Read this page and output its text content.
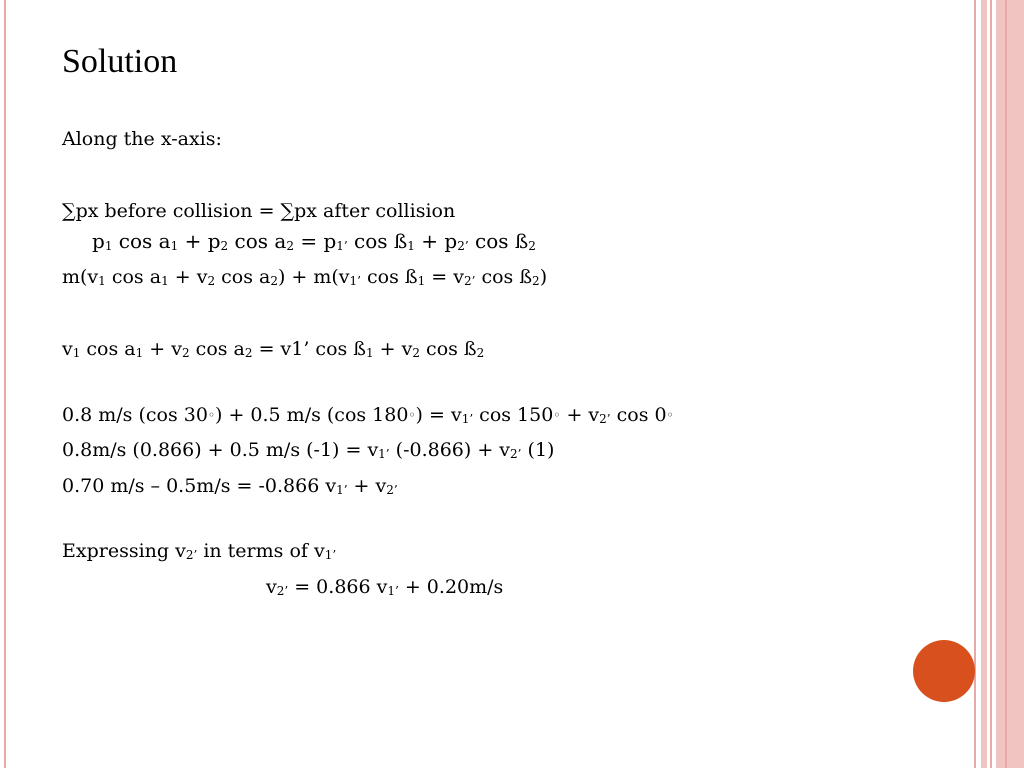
Solution

Along the x-axis:

∑px before collision = ∑px after collision

$p_1$ $\cos a_1 + p_2$ $\cos a_2 = p_{1’}$ $\cos ß_1 + p_{2’}$ $\cos ß_2$

$m(v_1$ $\cos a_1 + v_2$ $\cos a_2) + m(v_{1’}$ $\cos ß_1 = v_{2’}$ $\cos ß_2$)

$v_1$ $\cos a_1 + v_2$ $\cos a_2 = v1$’ $\cos ß_1 + v_2$ $\cos ß_2$

0.8 m/s (cos 30◦) + 0.5 m/s (cos 180◦) = $v_{1’}$ cos 150◦ + $v_{2’}$ cos 0◦

0.8m/s (0.866) + 0.5 m/s $(-1) = v_{1’}$ $(-0.866) + v_{2’}$ (1)

0.70 m/s – 0.5m/s = -0.866 $v_{1’} + v_{2’}$

Expressing $v_{2’}$ in terms of $v_{1’}$

$v_{2’} = 0.866$ $v_{1’} + 0.20m/s$
